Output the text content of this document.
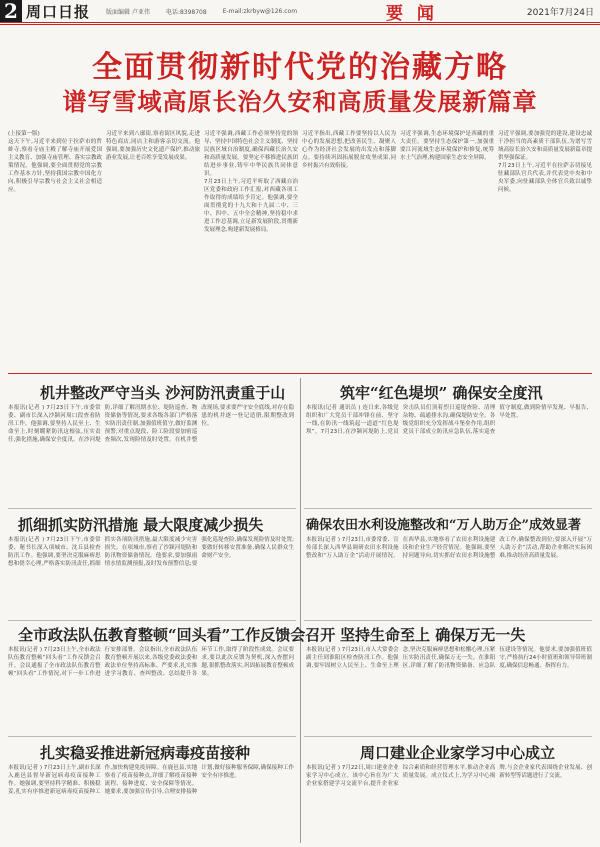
2 周口日报	版面编辑 卢亚伟	电话:8398708	E-mail:zkrbyw@126.com	要 闻	2021年7月24日
全面贯彻新时代党的治藏方略
谱写雪域高原长治久安和高质量发展新篇章
(上接第一版)
这天下午,习近平来到位于拉萨市的哲蚌寺,察看寺庙主殿了解寺庙开展爱国主义教育、加强寺庙管理、落实宗教政策情况。他强调,要全面贯彻党的宗教工作基本方针,坚持我国宗教中国化方向,积极引导宗教与社会主义社会相适应。
习近平来到八廓街,察看街区风貌,走进特色商店,同店主和游客亲切交流。他强调,要加强历史文化遗产保护,推动旅游业发展,让老百姓享受发展成果。
习近平强调,西藏工作必须坚持党的领导、坚持中国特色社会主义制度、坚持民族区域自治制度,确保西藏长治久安和高质量发展。要坚定不移推进民族团结进步事业,铸牢中华民族共同体意识。
7月23日上午,习近平听取了西藏自治区党委和政府工作汇报,对西藏各项工作取得的成绩给予肯定。他强调,要全面贯彻党的十九大和十九届二中、三中、四中、五中全会精神,坚持稳中求进工作总基调,立足新发展阶段,贯彻新发展理念,构建新发展格局。
习近平指出,西藏工作要坚持以人民为中心的发展思想,把改善民生、凝聚人心作为经济社会发展的出发点和落脚点。要持续巩固拓展脱贫攻坚成果,同乡村振兴有效衔接。
习近平强调,生态环境保护是西藏的重大责任。要坚持生态保护第一,加强重要江河流域生态环境保护和修复,统筹水土气治理,构建国家生态安全屏障。
习近平强调,要加强党的建设,建设忠诚干净担当的高素质干部队伍,为谱写雪域高原长治久安和高质量发展新篇章提供坚强保证。
7月23日上午,习近平在拉萨亲切接见驻藏部队官兵代表,并代表党中央和中央军委,向驻藏部队全体官兵致以诚挚问候。
机井整改严守当头 沙河防汛责重于山
本报讯(记者 ) 7月23日下午,市委常委、副市长深入沙颍河周口段查看防汛工作。他强调,要坚持人民至上、生命至上,时刻绷紧防汛这根弦,压实责任,强化措施,确保安全度汛。在沙河堤防,详细了解汛期水位、堤防巡查、物资储备等情况,要求各级各部门严格落实防汛责任制,加强值班值守,做好监测预警,对重点堤段、险工险段要加密巡查频次,发现险情及时处置。在机井整改现场,要求要严守安全底线,对存在隐患的机井逐一登记造册,限期整改到位。
筑牢“红色堤坝” 确保安全度汛
本报讯(记者 通讯员 ) 连日来,各级党组织和广大党员干部冲锋在前、坚守一线,在防汛一线筑起一道道“红色堤坝”。7月23日,在沙颍河堤防上,党员突击队员们顶着烈日巡堤查险、清理杂物、疏通排水沟,确保堤防安全。各级党组织充分发挥战斗堡垒作用,组织党员干部成立防汛应急队伍,落实巡查值守制度,做到险情早发现、早报告、早处置。
抓细抓实防汛措施 最大限度减少损失
本报讯(记者 ) 7月23日下午,市委常委、秘书长深入项城市、沈丘县检查防汛工作。他强调,要坚决克服麻痹思想和侥幸心理,严格落实防汛责任,抓细抓实各项防汛措施,最大限度减少灾害损失。在项城市,察看了沙颍河堤防和防汛物资储备情况。他要求,要加强雨情水情监测预报,及时发布预警信息;要强化巡堤查险,确保发现险情及时处置;要做好转移安置准备,确保人民群众生命财产安全。
确保农田水利设施整改和“万人助万企”成效显著
本报讯(记者 ) 7月23日,市委常委、宣传部长深入西华县调研农田水利设施整改和“万人助万企”活动开展情况。在西华县,实地察看了农田水利设施建设和企业生产经营情况。他强调,要坚持问题导向,切实抓好农田水利设施整改工作,确保整改到位;要深入开展“万人助万企”活动,帮助企业解决实际困难,推动经济高质量发展。
全市政法队伍教育整顿“回头看”工作反馈会召开
本报讯(记者 ) 7月23日上午,全市政法队伍教育整顿“回头看”工作反馈会召开。会议通报了全市政法队伍教育整顿“回头看”工作情况,对下一步工作进行安排部署。会议指出,全市政法队伍教育整顿开展以来,各级党委政法委和政法单位坚持高标准、严要求,扎实推进学习教育、查纠整改、总结提升各环节工作,取得了阶段性成效。会议要求,要以此次反馈为契机,深入查摆问题,狠抓整改落实,巩固拓展教育整顿成果。
坚持生命至上 确保万无一失
本报讯(记者 ) 7月23日,市人大常委会副主任到淮阳区检查防汛工作。他强调,要牢固树立人民至上、生命至上理念,坚决克服麻痹思想和松懈心理,压紧压实防汛责任,确保万无一失。在淮阳区,详细了解了防汛物资储备、应急队伍建设等情况。他要求,要加强值班值守,严格执行24小时值班和领导带班制度,确保信息畅通、指挥有力。
扎实稳妥推进新冠病毒疫苗接种
本报讯(记者 ) 7月23日上午,副市长深入鹿邑县督导新冠病毒疫苗接种工作。她强调,要坚持科学精准、积极稳妥,扎实有序推进新冠病毒疫苗接种工作,加快构建免疫屏障。在鹿邑县,实地察看了疫苗接种点,详细了解疫苗接种流程、接种进度、安全保障等情况。她要求,要加强宣传引导,合理安排接种计划,做好接种服务保障,确保接种工作安全有序推进。
周口建业企业家学习中心成立
本报讯(记者 ) 7月22日,周口建业企业家学习中心成立。该中心旨在为广大企业家搭建学习交流平台,提升企业家综合素质和经营管理水平,推动企业高质量发展。成立仪式上,为学习中心揭牌,与会企业家代表围绕企业发展、创新转型等话题进行了交流。
